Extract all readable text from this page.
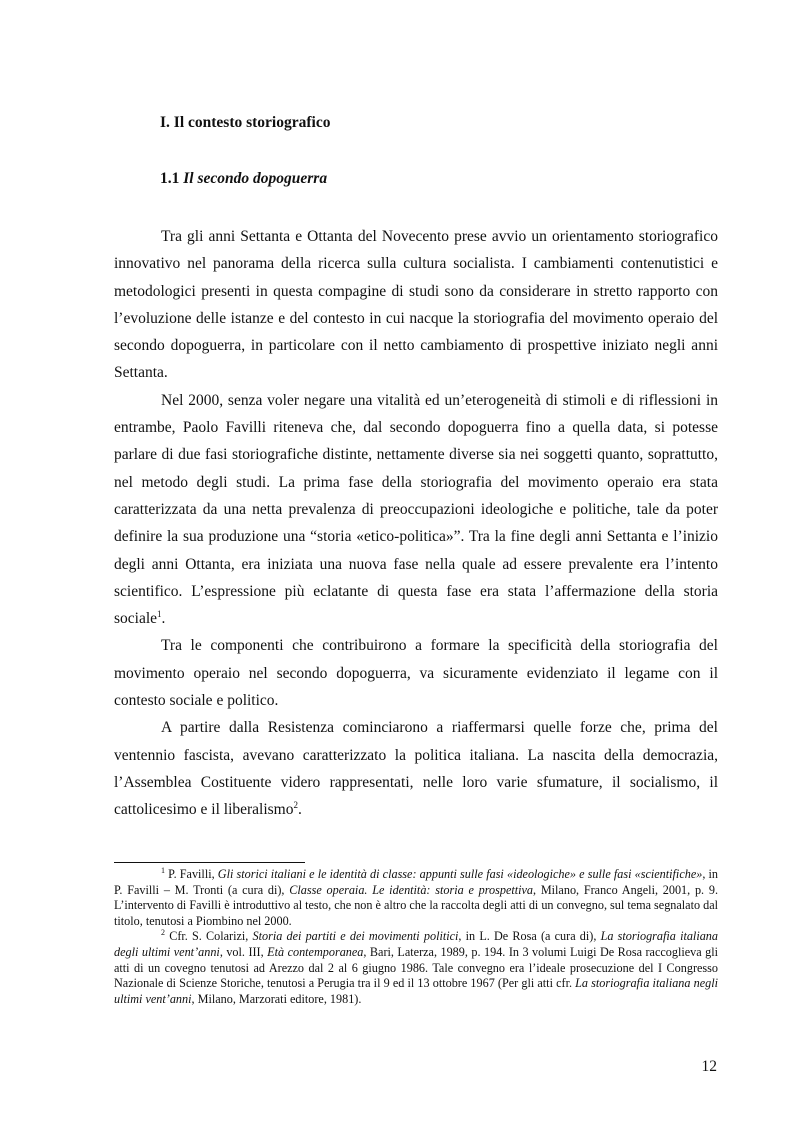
I. Il contesto storiografico
1.1 Il secondo dopoguerra

Tra gli anni Settanta e Ottanta del Novecento prese avvio un orientamento storiografico innovativo nel panorama della ricerca sulla cultura socialista. I cambiamenti contenutistici e metodologici presenti in questa compagine di studi sono da considerare in stretto rapporto con l’evoluzione delle istanze e del contesto in cui nacque la storiografia del movimento operaio del secondo dopoguerra, in particolare con il netto cambiamento di prospettive iniziato negli anni Settanta.

Nel 2000, senza voler negare una vitalità ed un’eterogeneità di stimoli e di riflessioni in entrambe, Paolo Favilli riteneva che, dal secondo dopoguerra fino a quella data, si potesse parlare di due fasi storiografiche distinte, nettamente diverse sia nei soggetti quanto, soprattutto, nel metodo degli studi. La prima fase della storiografia del movimento operaio era stata caratterizzata da una netta prevalenza di preoccupazioni ideologiche e politiche, tale da poter definire la sua produzione una “storia «etico-politica»”. Tra la fine degli anni Settanta e l’inizio degli anni Ottanta, era iniziata una nuova fase nella quale ad essere prevalente era l’intento scientifico. L’espressione più eclatante di questa fase era stata l’affermazione della storia sociale$^1$.

Tra le componenti che contribuirono a formare la specificità della storiografia del movimento operaio nel secondo dopoguerra, va sicuramente evidenziato il legame con il contesto sociale e politico.

A partire dalla Resistenza cominciarono a riaffermarsi quelle forze che, prima del ventennio fascista, avevano caratterizzato la politica italiana. La nascita della democrazia, l’Assemblea Costituente videro rappresentati, nelle loro varie sfumature, il socialismo, il cattolicesimo e il liberalismo$^2$.

$^1$ P. Favilli, Gli storici italiani e le identità di classe: appunti sulle fasi «ideologiche» e sulle fasi «scientifiche», in P. Favilli – M. Tronti (a cura di), Classe operaia. Le identità: storia e prospettiva, Milano, Franco Angeli, 2001, p. 9. L’intervento di Favilli è introduttivo al testo, che non è altro che la raccolta degli atti di un convegno, sul tema segnalato dal titolo, tenutosi a Piombino nel 2000.

$^2$ Cfr. S. Colarizi, Storia dei partiti e dei movimenti politici, in L. De Rosa (a cura di), La storiografia italiana degli ultimi vent’anni, vol. III, Età contemporanea, Bari, Laterza, 1989, p. 194. In 3 volumi Luigi De Rosa raccoglieva gli atti di un covegno tenutosi ad Arezzo dal 2 al 6 giugno 1986. Tale convegno era l’ideale prosecuzione del I Congresso Nazionale di Scienze Storiche, tenutosi a Perugia tra il 9 ed il 13 ottobre 1967 (Per gli atti cfr. La storiografia italiana negli ultimi vent’anni, Milano, Marzorati editore, 1981).

12
